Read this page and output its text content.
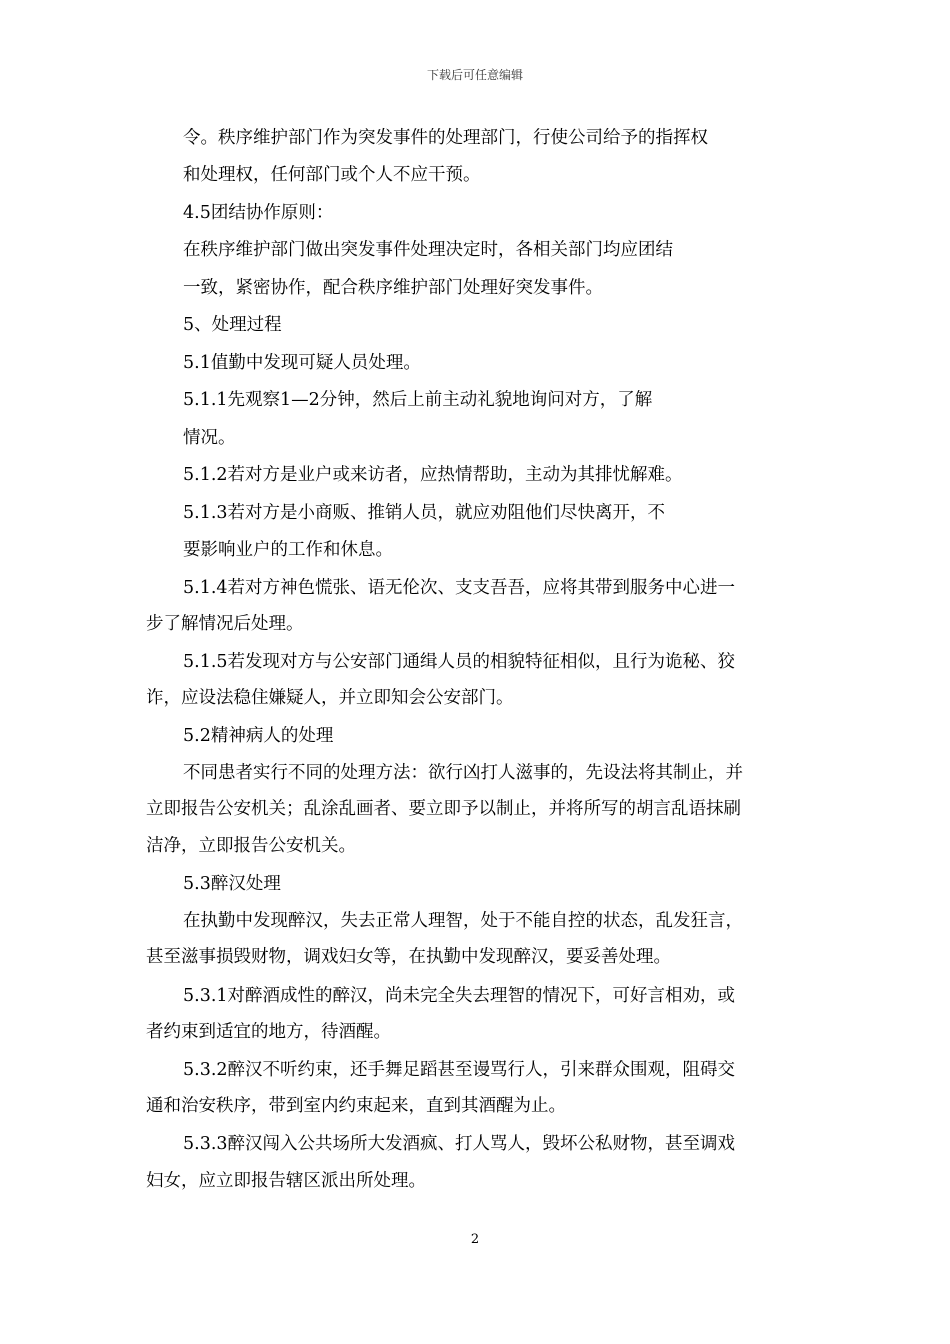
下载后可任意编辑
令。秩序维护部门作为突发事件的处理部门，行使公司给予的指挥权
和处理权，任何部门或个人不应干预。
4.5团结协作原则：
在秩序维护部门做出突发事件处理决定时，各相关部门均应团结
一致，紧密协作，配合秩序维护部门处理好突发事件。
5、处理过程
5.1值勤中发现可疑人员处理。
5.1.1先观察1—2分钟，然后上前主动礼貌地询问对方，了解
情况。
5.1.2若对方是业户或来访者，应热情帮助，主动为其排忧解难。
5.1.3若对方是小商贩、推销人员，就应劝阻他们尽快离开，不
要影响业户的工作和休息。
5.1.4若对方神色慌张、语无伦次、支支吾吾，应将其带到服务中心进一
步了解情况后处理。
5.1.5若发现对方与公安部门通缉人员的相貌特征相似，且行为诡秘、狡
诈，应设法稳住嫌疑人，并立即知会公安部门。
5.2精神病人的处理
不同患者实行不同的处理方法：欲行凶打人滋事的，先设法将其制止，并
立即报告公安机关；乱涂乱画者、要立即予以制止，并将所写的胡言乱语抹刷
洁净，立即报告公安机关。
5.3醉汉处理
在执勤中发现醉汉，失去正常人理智，处于不能自控的状态，乱发狂言，
甚至滋事损毁财物，调戏妇女等，在执勤中发现醉汉，要妥善处理。
5.3.1对醉酒成性的醉汉，尚未完全失去理智的情况下，可好言相劝，或
者约束到适宜的地方，待酒醒。
5.3.2醉汉不听约束，还手舞足蹈甚至谩骂行人，引来群众围观，阻碍交
通和治安秩序，带到室内约束起来，直到其酒醒为止。
5.3.3醉汉闯入公共场所大发酒疯、打人骂人，毁坏公私财物，甚至调戏
妇女，应立即报告辖区派出所处理。
2
